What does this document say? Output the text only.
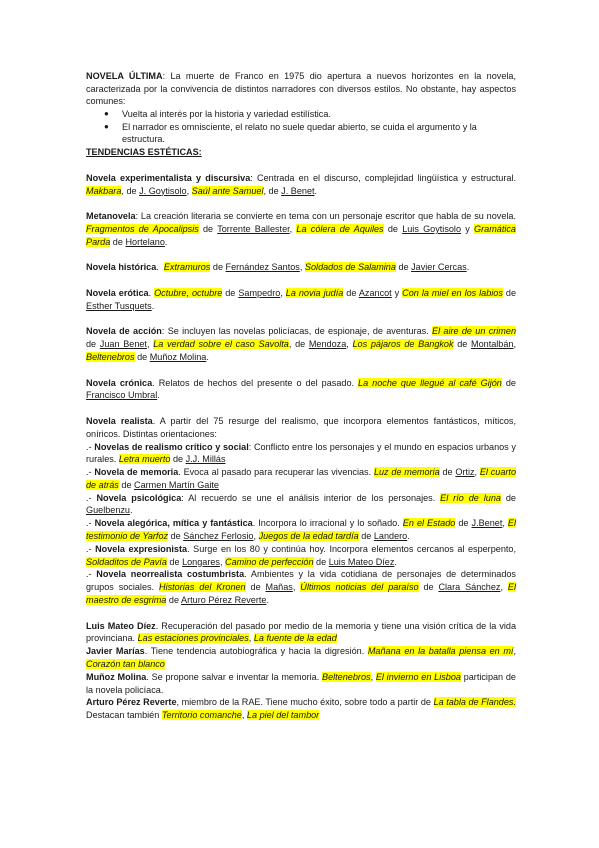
NOVELA ÚLTIMA: La muerte de Franco en 1975 dio apertura a nuevos horizontes en la novela, caracterizada por la convivencia de distintos narradores con diversos estilos. No obstante, hay aspectos comunes:

● Vuelta al interés por la historia y variedad estilística.
● El narrador es omnisciente, el relato no suele quedar abierto, se cuida el argumento y la estructura.

TENDENCIAS ESTÉTICAS:

Novela experimentalista y discursiva: Centrada en el discurso, complejidad lingüística y estructural. Makbara, de J. Goytisolo, Saúl ante Samuel, de J. Benet.

Metanovela: La creación literaria se convierte en tema con un personaje escritor que habla de su novela. Fragmentos de Apocalipsis de Torrente Ballester, La cólera de Aquiles de Luis Goytisolo y Gramática Parda de Hortelano.

Novela histórica.  Extramuros de Fernández Santos, Soldados de Salamina de Javier Cercas.

Novela erótica. Octubre, octubre de Sampedro, La novia judía de Azancot y Con la miel en los labios de Esther Tusquets.

Novela de acción: Se incluyen las novelas policíacas, de espionaje, de aventuras. El aire de un crimen de Juan Benet, La verdad sobre el caso Savolta, de Mendoza, Los pájaros de Bangkok de Montalbán, Beltenebros de Muñoz Molina.

Novela crónica. Relatos de hechos del presente o del pasado. La noche que llegué al café Gijón de Francisco Umbral.

Novela realista. A partir del 75 resurge del realismo, que incorpora elementos fantásticos, míticos, oníricos. Distintas orientaciones:

.- Novelas de realismo crítico y social: Conflicto entre los personajes y el mundo en espacios urbanos y rurales. Letra muerto de J.J. Millás

.- Novela de memoria. Evoca al pasado para recuperar las vivencias. Luz de memoria de Ortiz, El cuarto de atrás de Carmen Martín Gaite

.- Novela psicológica: Al recuerdo se une el análisis interior de los personajes. El río de luna de Guelbenzu.

.- Novela alegórica, mítica y fantástica. Incorpora lo irracional y lo soñado. En el Estado de J.Benet, El testimonio de Yarfoz de Sánchez Ferlosio, Juegos de la edad tardía de Landero.

.- Novela expresionista. Surge en los 80 y continúa hoy. Incorpora elementos cercanos al esperpento, Soldaditos de Pavía de Longares, Camino de perfección de Luis Mateo Díez.

.- Novela neorrealista costumbrista. Ambientes y la vida cotidiana de personajes de determinados grupos sociales. Historias del Kronen de Mañas, Últimos noticias del paraíso de Clara Sánchez, El maestro de esgrima de Arturo Pérez Reverte.

Luis Mateo Díez. Recuperación del pasado por medio de la memoria y tiene una visión crítica de la vida provinciana. Las estaciones provinciales, La fuente de la edad

Javier Marías. Tiene tendencia autobiográfica y hacia la digresión. Mañana en la batalla piensa en mí, Corazón tan blanco

Muñoz Molina. Se propone salvar e inventar la memoria. Beltenebros, El invierno en Lisboa participan de la novela policíaca.

Arturo Pérez Reverte, miembro de la RAE. Tiene mucho éxito, sobre todo a partir de La tabla de Flandes. Destacan también Territorio comanche, La piel del tambor
